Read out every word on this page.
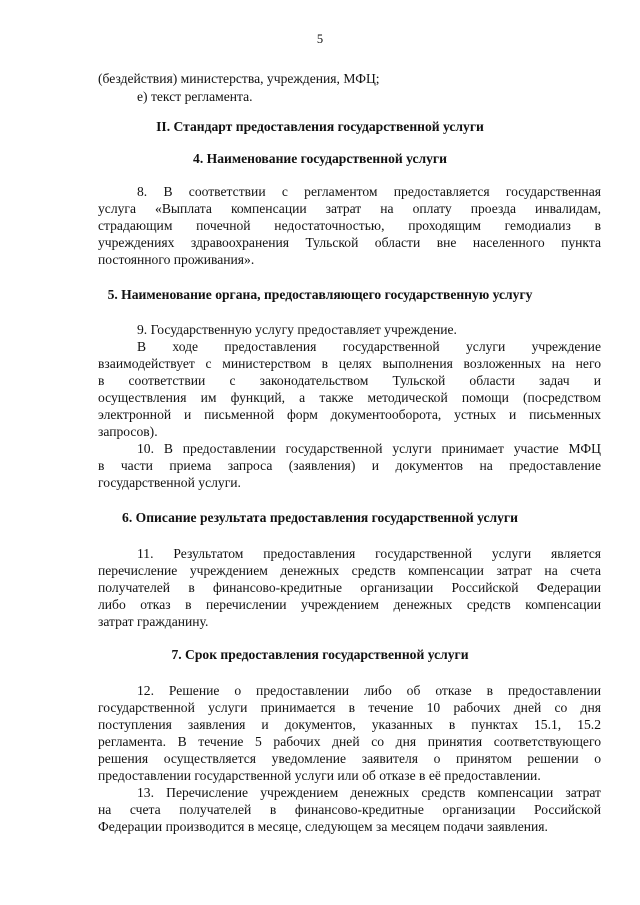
5
(бездействия) министерства, учреждения, МФЦ;
е) текст регламента.
II. Стандарт предоставления государственной услуги
4. Наименование государственной услуги
8. В соответствии с регламентом предоставляется государственная
услуга «Выплата компенсации затрат на оплату проезда инвалидам,
страдающим почечной недостаточностью, проходящим гемодиализ в
учреждениях здравоохранения Тульской области вне населенного пункта
постоянного проживания».
5. Наименование органа, предоставляющего государственную услугу
9. Государственную услугу предоставляет учреждение.
В ходе предоставления государственной услуги учреждение
взаимодействует с министерством в целях выполнения возложенных на него
в соответствии с законодательством Тульской области задач и
осуществления им функций, а также методической помощи (посредством
электронной и письменной форм документооборота, устных и письменных
запросов).
10. В предоставлении государственной услуги принимает участие МФЦ
в части приема запроса (заявления) и документов на предоставление
государственной услуги.
6. Описание результата предоставления государственной услуги
11. Результатом предоставления государственной услуги является
перечисление учреждением денежных средств компенсации затрат на счета
получателей в финансово-кредитные организации Российской Федерации
либо отказ в перечислении учреждением денежных средств компенсации
затрат гражданину.
7. Срок предоставления государственной услуги
12. Решение о предоставлении либо об отказе в предоставлении
государственной услуги принимается в течение 10 рабочих дней со дня
поступления заявления и документов, указанных в пунктах 15.1, 15.2
регламента. В течение 5 рабочих дней со дня принятия соответствующего
решения осуществляется уведомление заявителя о принятом решении о
предоставлении государственной услуги или об отказе в её предоставлении.
13. Перечисление учреждением денежных средств компенсации затрат
на счета получателей в финансово-кредитные организации Российской
Федерации производится в месяце, следующем за месяцем подачи заявления.
